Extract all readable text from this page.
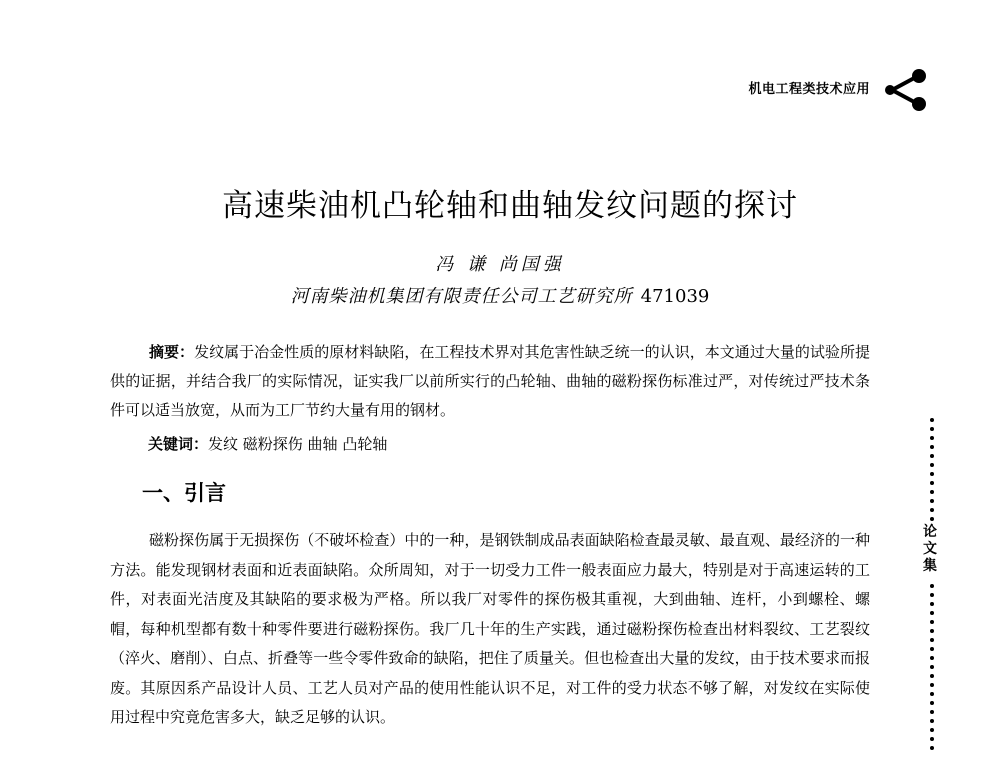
机电工程类技术应用
高速柴油机凸轮轴和曲轴发纹问题的探讨
冯 谦 尚国强
河南柴油机集团有限责任公司工艺研究所 471039
摘要：发纹属于冶金性质的原材料缺陷，在工程技术界对其危害性缺乏统一的认识，本文通过大量的试验所提供的证据，并结合我厂的实际情况，证实我厂以前所实行的凸轮轴、曲轴的磁粉探伤标准过严，对传统过严技术条件可以适当放宽，从而为工厂节约大量有用的钢材。
关键词：发纹 磁粉探伤 曲轴 凸轮轴
一、引言
磁粉探伤属于无损探伤（不破坏检查）中的一种，是钢铁制成品表面缺陷检查最灵敏、最直观、最经济的一种方法。能发现钢材表面和近表面缺陷。众所周知，对于一切受力工件一般表面应力最大，特别是对于高速运转的工件，对表面光洁度及其缺陷的要求极为严格。所以我厂对零件的探伤极其重视，大到曲轴、连杆，小到螺栓、螺帽，每种机型都有数十种零件要进行磁粉探伤。我厂几十年的生产实践，通过磁粉探伤检查出材料裂纹、工艺裂纹（淬火、磨削）、白点、折叠等一些令零件致命的缺陷，把住了质量关。但也检查出大量的发纹，由于技术要求而报废。其原因系产品设计人员、工艺人员对产品的使用性能认识不足，对工件的受力状态不够了解，对发纹在实际使用过程中究竟危害多大，缺乏足够的认识。
论文集
